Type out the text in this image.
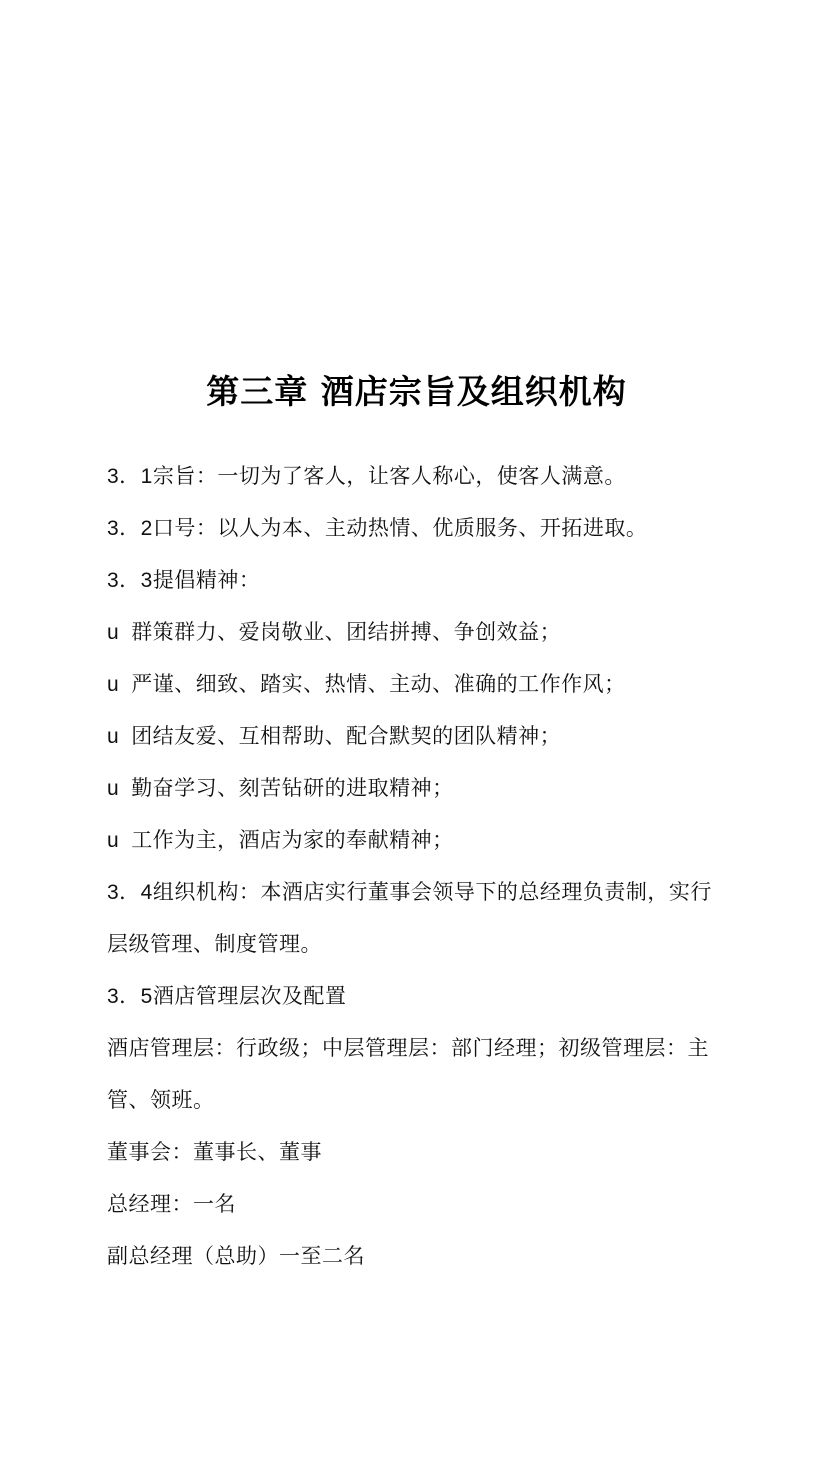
第三章 酒店宗旨及组织机构
3．1宗旨：一切为了客人，让客人称心，使客人满意。
3．2口号：以人为本、主动热情、优质服务、开拓进取。
3．3提倡精神：
u 群策群力、爱岗敬业、团结拼搏、争创效益；
u 严谨、细致、踏实、热情、主动、准确的工作作风；
u 团结友爱、互相帮助、配合默契的团队精神；
u 勤奋学习、刻苦钻研的进取精神；
u 工作为主，酒店为家的奉献精神；
3．4组织机构：本酒店实行董事会领导下的总经理负责制，实行
层级管理、制度管理。
3．5酒店管理层次及配置
酒店管理层：行政级；中层管理层：部门经理；初级管理层：主
管、领班。
董事会：董事长、董事
总经理：一名
副总经理（总助）一至二名
